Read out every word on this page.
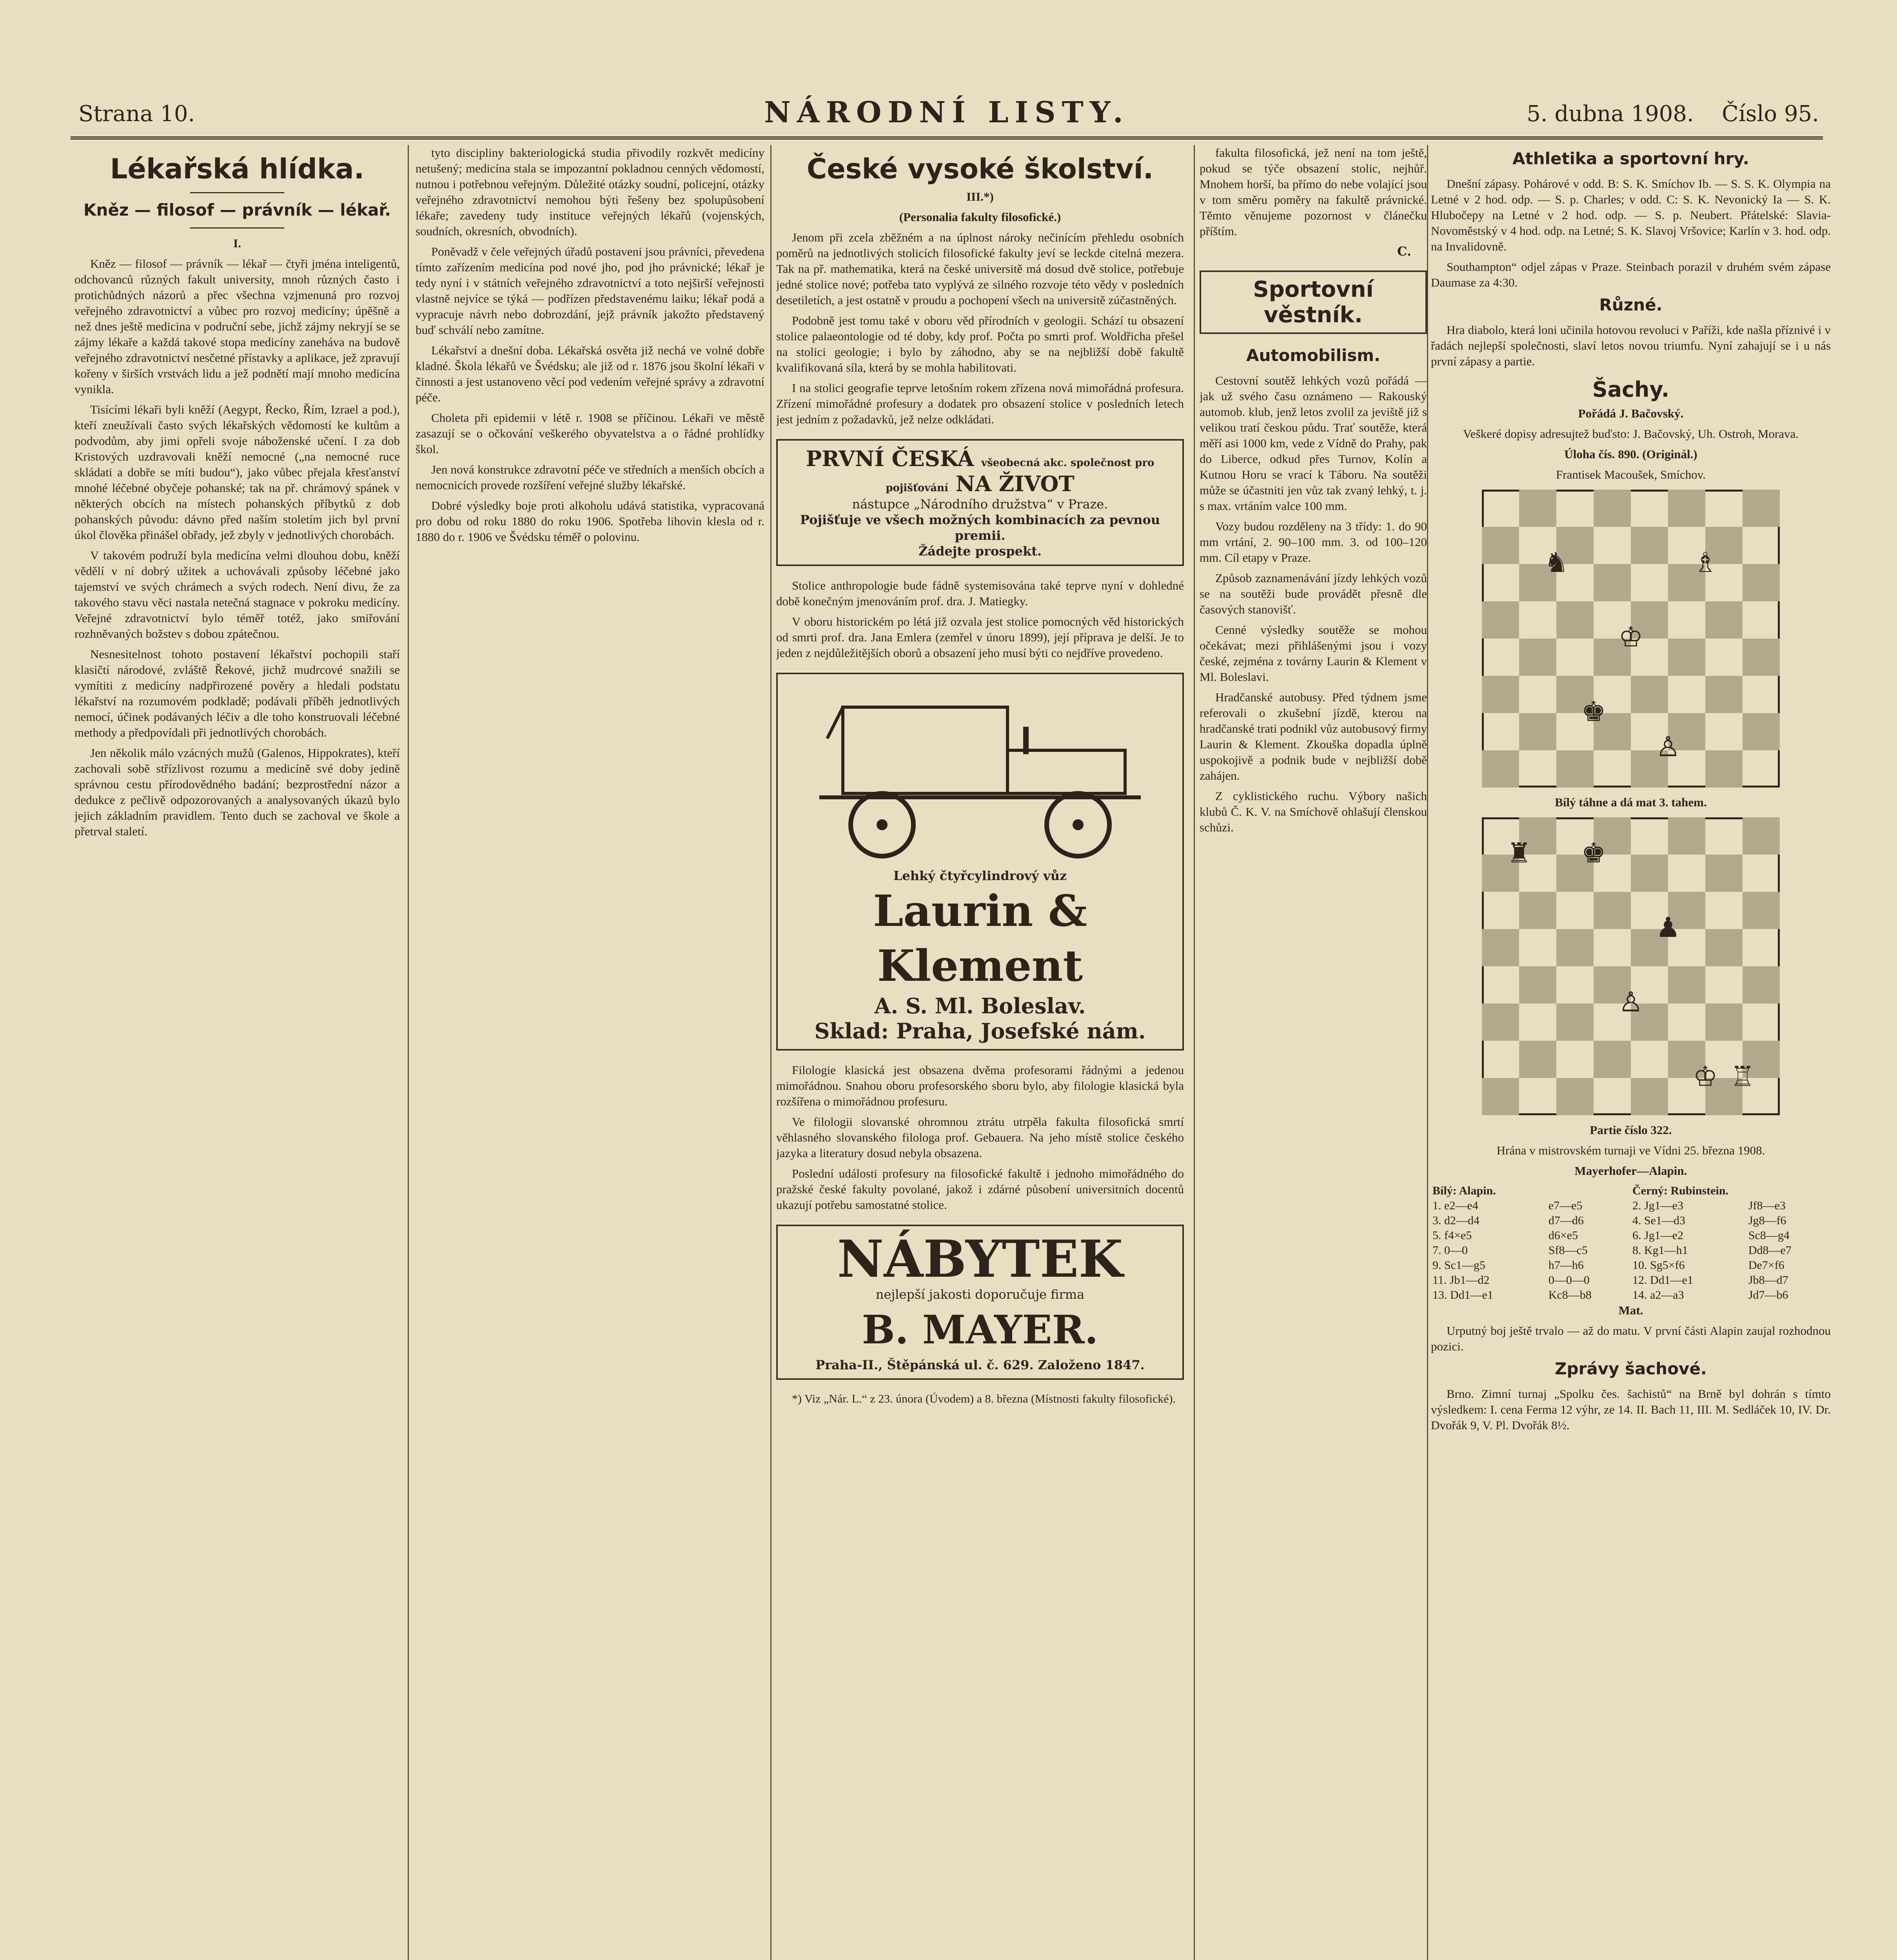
Strana 10.	NÁRODNÍ LISTY.	5. dubna 1908. Číslo 95.
Lékařská hlídka.
Kněz — filosof — právník — lékař.

I.

Kněz — filosof — právník — lékař — čtyři jména inteligentů, odchovanců různých fakult university, mnoh různých často i protichůdných názorů a přec všechna vzjmenuná pro rozvoj veřejného zdravotnictví a vůbec pro rozvoj medicíny; úpěšně a než dnes ještě medicina v područní sebe, jichž zájmy nekryjí se se zájmy lékaře a každá takové stopa medicíny zaneháva na budově veřejného zdravotnictví nesčetné přístavky a aplikace, jež zpravují kořeny v širších vrstvách lidu a jež podnětí mají mnoho medicína vynikla.

Tisícími lékaři byli kněží (Aegypt, Řecko, Řím, Izrael a pod.), kteří zneužívali často svých lékařských vědomostí ke kultům a podvodům, aby jimi opřeli svoje náboženské učení. I za dob Kristových uzdravovali kněží nemocné („na nemocné ruce skládati a dobře se míti budou“), jako vůbec přejala křesťanství mnohé léčebné obyčeje pohanské; tak na př. chrámový spánek v některých obcích na místech pohanských příbytků z dob pohanských původu: dávno před naším stoletím jich byl první úkol člověka přinášel obřady, jež zbyly v jednotlivých chorobách.

V takovém podruží byla medicína velmi dlouhou dobu, kněží vědělí v ní dobrý užitek a uchovávali způsoby léčebné jako tajemství ve svých chrámech a svých rodech. Není divu, že za takového stavu věci nastala netečná stagnace v pokroku medicíny. Veřejné zdravotnictví bylo téměř totéž, jako smiřování rozhněvaných božstev s dobou zpátečnou.

Nesnesitelnost tohoto postavení lékařství pochopili staří klasičtí národové, zvláště Řekové, jichž mudrcové snažili se vymítiti z medicíny nadpřirozené pověry a hledali podstatu lékařství na rozumovém podkladě; podávali příběh jednotlivých nemocí, účinek podávaných léčiv a dle toho konstruovali léčebné methody a předpovídali při jednotlivých chorobách.

Jen několik málo vzácných mužů (Galenos, Hippokrates), kteří zachovali sobě střízlivost rozumu a medicíně své doby jedině správnou cestu přírodovědného badání; bezprostřední názor a dedukce z pečlivě odpozorovaných a analysovaných úkazů bylo jejich základním pravidlem. Tento duch se zachoval ve škole a přetrval staletí.

tyto discipliny bakteriologická studia přivodily rozkvět medicíny netušený; medicína stala se impozantní pokladnou cenných vědomostí, nutnou i potřebnou veřejným. Důležité otázky soudní, policejní, otázky veřejného zdravotnictví nemohou býti řešeny bez spolupůsobení lékaře; zavedeny tudy instituce veřejných lékařů (vojenských, soudních, okresních, obvodních).

Poněvadž v čele veřejných úřadů postaveni jsou právníci, převedena tímto zařízením medicína pod nové jho, pod jho právnické; lékař je tedy nyní i v státních veřejného zdravotnictví a toto nejširší veřejnosti vlastně nejvíce se týká — podřízen představenému laiku; lékař podá a vypracuje návrh nebo dobrozdání, jejž právník jakožto představený buď schválí nebo zamítne.

Lékařství a dnešní doba. Lékařská osvěta již nechá ve volné dobře kladné. Škola lékařů ve Švédsku; ale již od r. 1876 jsou školní lékaři v činnosti a jest ustanoveno věcí pod vedením veřejné správy a zdravotní péče.

Choleta při epidemii v létě r. 1908 se příčinou. Lékaři ve městě zasazují se o očkování veškerého obyvatelstva a o řádné prohlídky škol.

Jen nová konstrukce zdravotní péče ve středních a menších obcích a nemocnicích provede rozšíření veřejné služby lékařské.

Dobré výsledky boje proti alkoholu udává statistika, vypracovaná pro dobu od roku 1880 do roku 1906. Spotřeba lihovin klesla od r. 1880 do r. 1906 ve Švédsku téměř o polovinu.

České vysoké školství.

III.*)

(Personalia fakulty filosofické.)

Jenom při zcela zběžném a na úplnost nároky nečinícím přehledu osobních poměrů na jednotlivých stolicích filosofické fakulty jeví se leckde citelná mezera. Tak na př. mathematika, která na české universitě má dosud dvě stolice, potřebuje jedné stolice nové; potřeba tato vyplývá ze silného rozvoje této vědy v posledních desetiletích, a jest ostatně v proudu a pochopení všech na universitě zúčastněných.

Podobně jest tomu také v oboru věd přírodních v geologii. Schází tu obsazení stolice palaeontologie od té doby, kdy prof. Počta po smrti prof. Woldřicha přešel na stolici geologie; i bylo by záhodno, aby se na nejbližší době fakultě kvalifikovaná síla, která by se mohla habilitovati.

I na stolici geografie teprve letošním rokem zřízena nová mimořádná profesura. Zřízení mimořádné profesury a dodatek pro obsazení stolice v posledních letech jest jedním z požadavků, jež nelze odkládati.

PRVNÍ ČESKÁ všeobecná akc. společnost pro pojišťování NA ŽIVOT
nástupce „Národního družstva“ v Praze.
Pojišťuje ve všech možných kombinacích za pevnou premii.
Žádejte prospekt.

Stolice anthropologie bude fádně systemisována také teprve nyní v dohledné době konečným jmenováním prof. dra. J. Matiegky.

V oboru historickém po létá již ozvala jest stolice pomocných věd historických od smrti prof. dra. Jana Emlera (zemřel v únoru 1899), její příprava je delší. Je to jeden z nejdůležitějších oborů a obsazení jeho musí býti co nejdříve provedeno.

Lehký čtyřcylindrový vůz
Laurin & Klement
A. S. Ml. Boleslav.
Sklad: Praha, Josefské nám.

Filologie klasická jest obsazena dvěma profesorami řádnými a jedenou mimořádnou. Snahou oboru profesorského sboru bylo, aby filologie klasická byla rozšířena o mimořádnou profesuru.

Ve filologii slovanské ohromnou ztrátu utrpěla fakulta filosofická smrtí věhlasného slovanského filologa prof. Gebauera. Na jeho místě stolice českého jazyka a literatury dosud nebyla obsazena.

Poslední události profesury na filosofické fakultě i jednoho mimořádného do pražské české fakulty povolané, jakož i zdárné působení universitních docentů ukazují potřebu samostatné stolice.

NÁBYTEK
nejlepší jakosti doporučuje firma
B. MAYER.
Praha-II., Štěpánská ul. č. 629. Založeno 1847.

*) Viz „Nár. L.“ z 23. února (Úvodem) a 8. března (Místnosti fakulty filosofické).

fakulta filosofická, jež není na tom ještě, pokud se týče obsazení stolic, nejhůř. Mnohem horší, ba přímo do nebe volající jsou v tom směru poměry na fakultě právnické. Těmto věnujeme pozornost v článečku příštím.

C.
Sportovní věstník.
Automobilism.

Cestovní soutěž lehkých vozů pořádá — jak už svého času oznámeno — Rakouský automob. klub, jenž letos zvolil za jeviště již s velikou tratí českou půdu. Trať soutěže, která měří asi 1000 km, vede z Vídně do Prahy, pak do Liberce, odkud přes Turnov, Kolín a Kutnou Horu se vrací k Táboru. Na soutěži může se účastniti jen vůz tak zvaný lehký, t. j. s max. vrtáním valce 100 mm.

Vozy budou rozděleny na 3 třídy: 1. do 90 mm vrtání, 2. 90–100 mm. 3. od 100–120 mm. Cíl etapy v Praze.

Způsob zaznamenávání jízdy lehkých vozů se na soutěži bude provádět přesně dle časových stanovišť.

Cenné výsledky soutěže se mohou očekávat; mezi přihlášenými jsou i vozy české, zejména z továrny Laurin & Klement v Ml. Boleslavi.

Hradčanské autobusy. Před týdnem jsme referovali o zkušební jízdě, kterou na hradčanské trati podnikl vůz autobusový firmy Laurin & Klement. Zkouška dopadla úplně uspokojivě a podnik bude v nejbližší době zahájen.

Z cyklistického ruchu. Výbory našich klubů Č. K. V. na Smíchově ohlašují členskou schůzi.

Athletika a sportovní hry.

Dnešní zápasy. Pohárové v odd. B: S. K. Smíchov Ib. — S. S. K. Olympia na Letné v 2 hod. odp. — S. p. Charles; v odd. C: S. K. Nevonický Ia — S. K. Hlubočepy na Letné v 2 hod. odp. — S. p. Neubert. Přátelské: Slavia-Novoměstský v 4 hod. odp. na Letné; S. K. Slavoj Vršovice; Karlín v 3. hod. odp. na Invalidovně.

Southampton“ odjel zápas v Praze. Steinbach porazil v druhém svém zápase Daumase za 4:30.

Různé.

Hra diabolo, která loni učinila hotovou revoluci v Paříži, kde našla příznivé i v řadách nejlepší společnosti, slaví letos novou triumfu. Nyní zahajují se i u nás první zápasy a partie.

Šachy.

Pořádá J. Bačovský.

Veškeré dopisy adresujtež buďsto: J. Bačovský, Uh. Ostroh, Morava.

Úloha čís. 890. (Originál.)

Frantisek Macoušek, Smíchov.

♔
♞	♗
♚
♙

Bílý táhne a dá mat 3. tahem.

♜ ♚
♟
♙
♔ ♖

Partie číslo 322.

Hrána v mistrovském turnaji ve Vídni 25. března 1908.

Mayerhofer—Alapin.

Bílý: Alapin.		Černý: Rubinstein.	
1. e2—e4	e7—e5	2. Jg1—e3	Jf8—e3
3. d2—d4	d7—d6	4. Se1—d3	Jg8—f6
5. f4×e5	d6×e5	6. Jg1—e2	Sc8—g4
7. 0—0	Sf8—c5	8. Kg1—h1	Dd8—e7
9. Sc1—g5	h7—h6	10. Sg5×f6	De7×f6
11. Jb1—d2	0—0—0	12. Dd1—e1	Jb8—d7
13. Dd1—e1	Kc8—b8	14. a2—a3	Jd7—b6

Mat.

Urputný boj ještě trvalo — až do matu. V první části Alapin zaujal rozhodnou pozici.

Zprávy šachové.

Brno. Zimní turnaj „Spolku čes. šachistů“ na Brně byl dohrán s tímto výsledkem: I. cena Ferma 12 výhr, ze 14. II. Bach 11, III. M. Sedláček 10, IV. Dr. Dvořák 9, V. Pl. Dvořák 8½.
